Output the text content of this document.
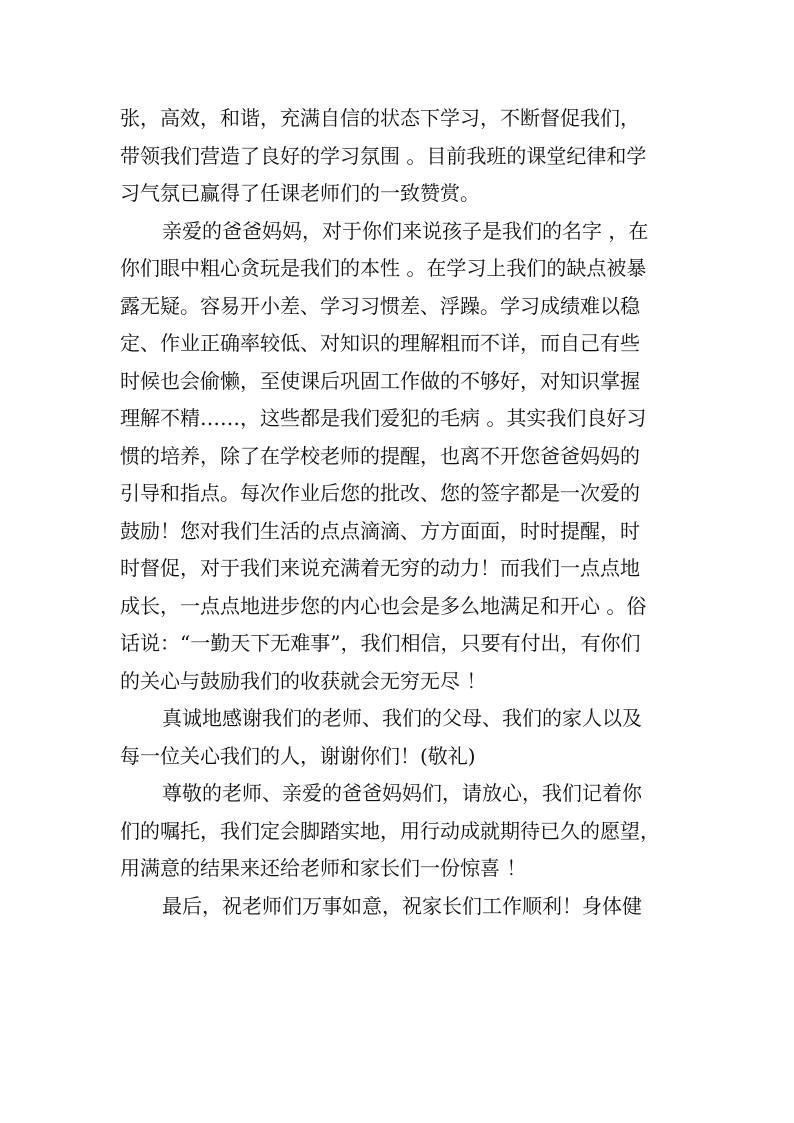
张，高效，和谐，充满自信的状态下学习，不断督促我们，
带领我们营造了良好的学习氛围 。目前我班的课堂纪律和学
习气氛已赢得了任课老师们的一致赞赏。
亲爱的爸爸妈妈，对于你们来说孩子是我们的名字 ，在
你们眼中粗心贪玩是我们的本性 。在学习上我们的缺点被暴
露无疑。容易开小差、学习习惯差、浮躁。学习成绩难以稳
定、作业正确率较低、对知识的理解粗而不详，而自己有些
时候也会偷懒，至使课后巩固工作做的不够好，对知识掌握
理解不精……，这些都是我们爱犯的毛病 。其实我们良好习
惯的培养，除了在学校老师的提醒，也离不开您爸爸妈妈的
引导和指点。每次作业后您的批改、您的签字都是一次爱的
鼓励！您对我们生活的点点滴滴、方方面面，时时提醒，时
时督促，对于我们来说充满着无穷的动力！而我们一点点地
成长，一点点地进步您的内心也会是多么地满足和开心 。俗
话说：“一勤天下无难事”，我们相信，只要有付出，有你们
的关心与鼓励我们的收获就会无穷无尽 ！
真诚地感谢我们的老师、我们的父母、我们的家人以及
每一位关心我们的人，谢谢你们！(敬礼)
尊敬的老师、亲爱的爸爸妈妈们，请放心，我们记着你
们的嘱托，我们定会脚踏实地，用行动成就期待已久的愿望，
用满意的结果来还给老师和家长们一份惊喜 ！
最后，祝老师们万事如意，祝家长们工作顺利！身体健
